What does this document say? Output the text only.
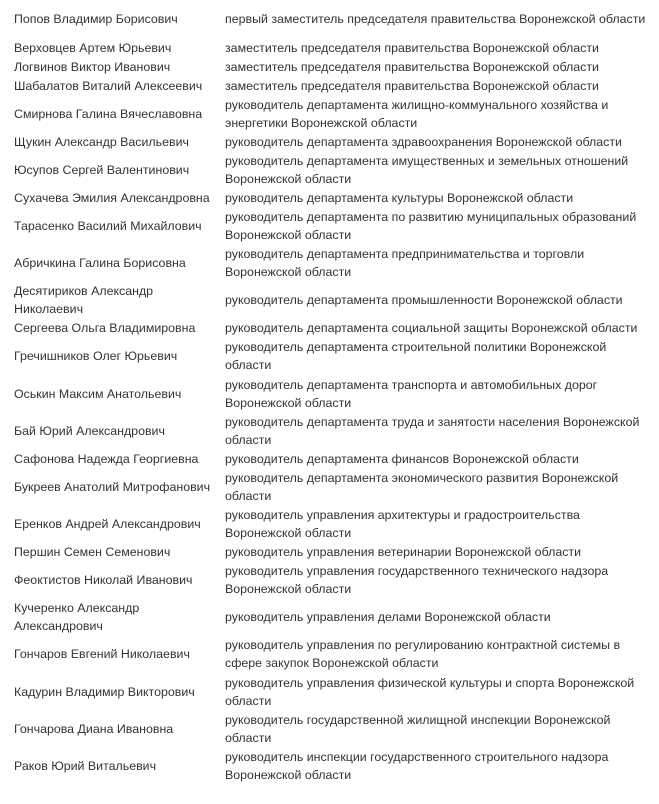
Попов Владимир Борисович	первый заместитель председателя правительства Воронежской области

Верховцев Артем Юрьевич	заместитель председателя правительства Воронежской области

Логвинов Виктор Иванович	заместитель председателя правительства Воронежской области

Шабалатов Виталий Алексеевич	заместитель председателя правительства Воронежской области

Смирнова Галина Вячеславовна	руководитель департамента жилищно-коммунального хозяйства и энергетики Воронежской области

Щукин Александр Васильевич	руководитель департамента здравоохранения Воронежской области

Юсупов Сергей Валентинович	руководитель департамента имущественных и земельных отношений Воронежской области

Сухачева Эмилия Александровна	руководитель департамента культуры Воронежской области

Тарасенко Василий Михайлович	руководитель департамента по развитию муниципальных образований Воронежской области

Абричкина Галина Борисовна	руководитель департамента предпринимательства и торговли Воронежской области

Десятириков Александр Николаевич	руководитель департамента промышленности Воронежской области

Сергеева Ольга Владимировна	руководитель департамента социальной защиты Воронежской области

Гречишников Олег Юрьевич	руководитель департамента строительной политики Воронежской области

Оськин Максим Анатольевич	руководитель департамента транспорта и автомобильных дорог Воронежской области

Бай Юрий Александрович	руководитель департамента труда и занятости населения Воронежской области

Сафонова Надежда Георгиевна	руководитель департамента финансов Воронежской области

Букреев Анатолий Митрофанович	руководитель департамента экономического развития Воронежской области

Еренков Андрей Александрович	руководитель управления архитектуры и градостроительства Воронежской области

Першин Семен Семенович	руководитель управления ветеринарии Воронежской области

Феоктистов Николай Иванович	руководитель управления государственного технического надзора Воронежской области

Кучеренко Александр Александрович	руководитель управления делами Воронежской области

Гончаров Евгений Николаевич	руководитель управления по регулированию контрактной системы в сфере закупок Воронежской области

Кадурин Владимир Викторович	руководитель управления физической культуры и спорта Воронежской области

Гончарова Диана Ивановна	руководитель государственной жилищной инспекции Воронежской области

Раков Юрий Витальевич	руководитель инспекции государственного строительного надзора Воронежской области
